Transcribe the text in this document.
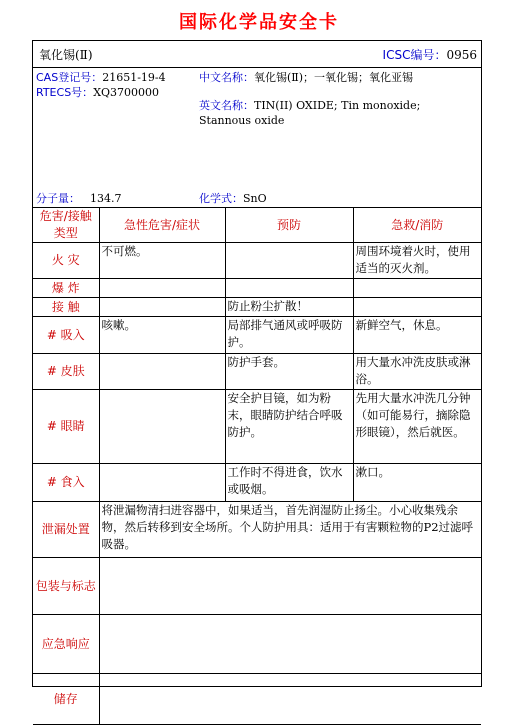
国际化学品安全卡
氧化锡(Ⅱ)	ICSC编号：0956
CAS登记号：21651-19-4
RTECS号：XQ3700000
中文名称：氧化锡(Ⅱ)；一氧化锡；氧化亚锡
英文名称：TIN(II) OXIDE; Tin monoxide; Stannous oxide
分子量： 134.7	化学式：SnO
危害/接触类型	急性危害/症状	预防	急救/消防
火 灾	不可燃。		周围环境着火时，使用适当的灭火剂。
爆 炸			
接 触		防止粉尘扩散！	
# 吸入	咳嗽。	局部排气通风或呼吸防护。	新鲜空气，休息。
# 皮肤		防护手套。	用大量水冲洗皮肤或淋浴。
# 眼睛		安全护目镜，如为粉末，眼睛防护结合呼吸防护。	先用大量水冲洗几分钟（如可能易行，摘除隐形眼镜），然后就医。
# 食入		工作时不得进食，饮水或吸烟。	漱口。
泄漏处置	将泄漏物清扫进容器中，如果适当，首先润湿防止扬尘。小心收集残余物，然后转移到安全场所。个人防护用具：适用于有害颗粒物的P2过滤呼吸器。		
包装与标志			
应急响应			
储存			
